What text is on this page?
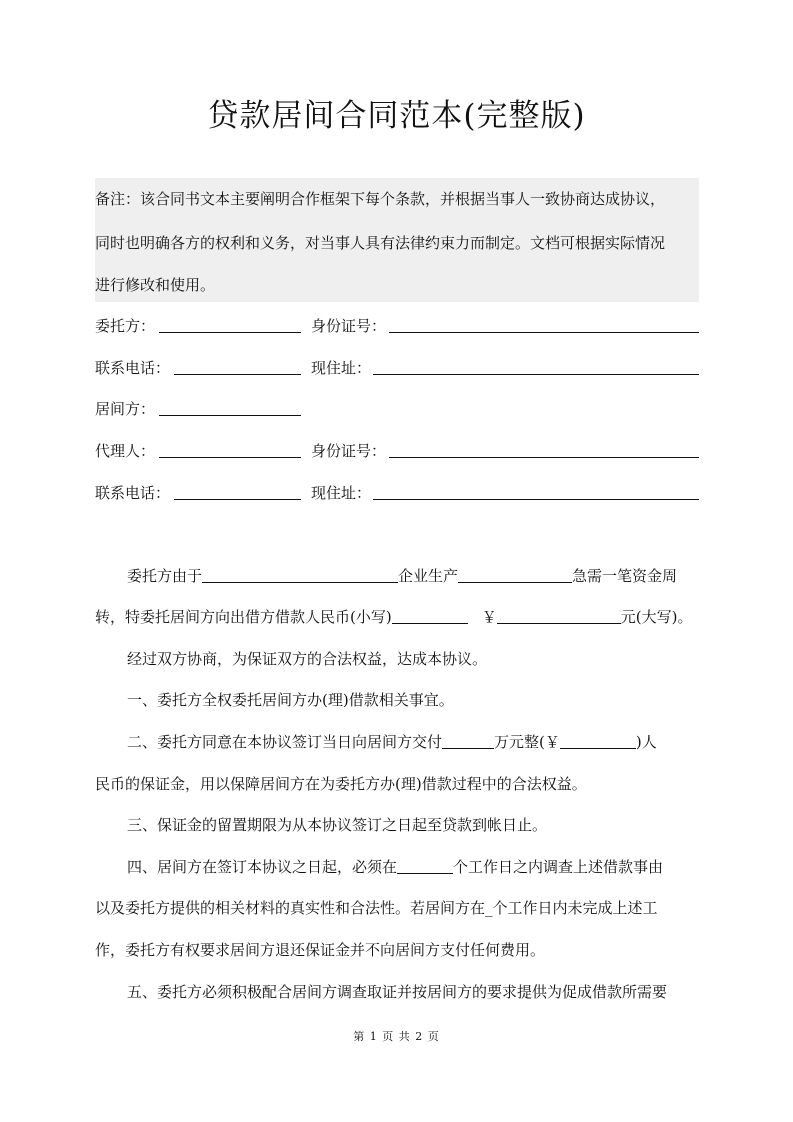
贷款居间合同范本(完整版)
备注：该合同书文本主要阐明合作框架下每个条款，并根据当事人一致协商达成协议，
同时也明确各方的权利和义务，对当事人具有法律约束力而制定。文档可根据实际情况
进行修改和使用。
委托方：	身份证号：
联系电话：	现住址：
居间方：
代理人：	身份证号：
联系电话：	现住址：
委托方由于	企业生产	急需一笔资金周
转，特委托居间方向出借方借款人民币(小写)	￥	元(大写)。
经过双方协商，为保证双方的合法权益，达成本协议。
一、委托方全权委托居间方办(理)借款相关事宜。
二、委托方同意在本协议签订当日向居间方交付	万元整(￥	)人
民币的保证金，用以保障居间方在为委托方办(理)借款过程中的合法权益。
三、保证金的留置期限为从本协议签订之日起至贷款到帐日止。
四、居间方在签订本协议之日起，必须在	个工作日之内调查上述借款事由
以及委托方提供的相关材料的真实性和合法性。若居间方在_个工作日内未完成上述工
作，委托方有权要求居间方退还保证金并不向居间方支付任何费用。
五、委托方必须积极配合居间方调查取证并按居间方的要求提供为促成借款所需要
第 1 页 共 2 页
